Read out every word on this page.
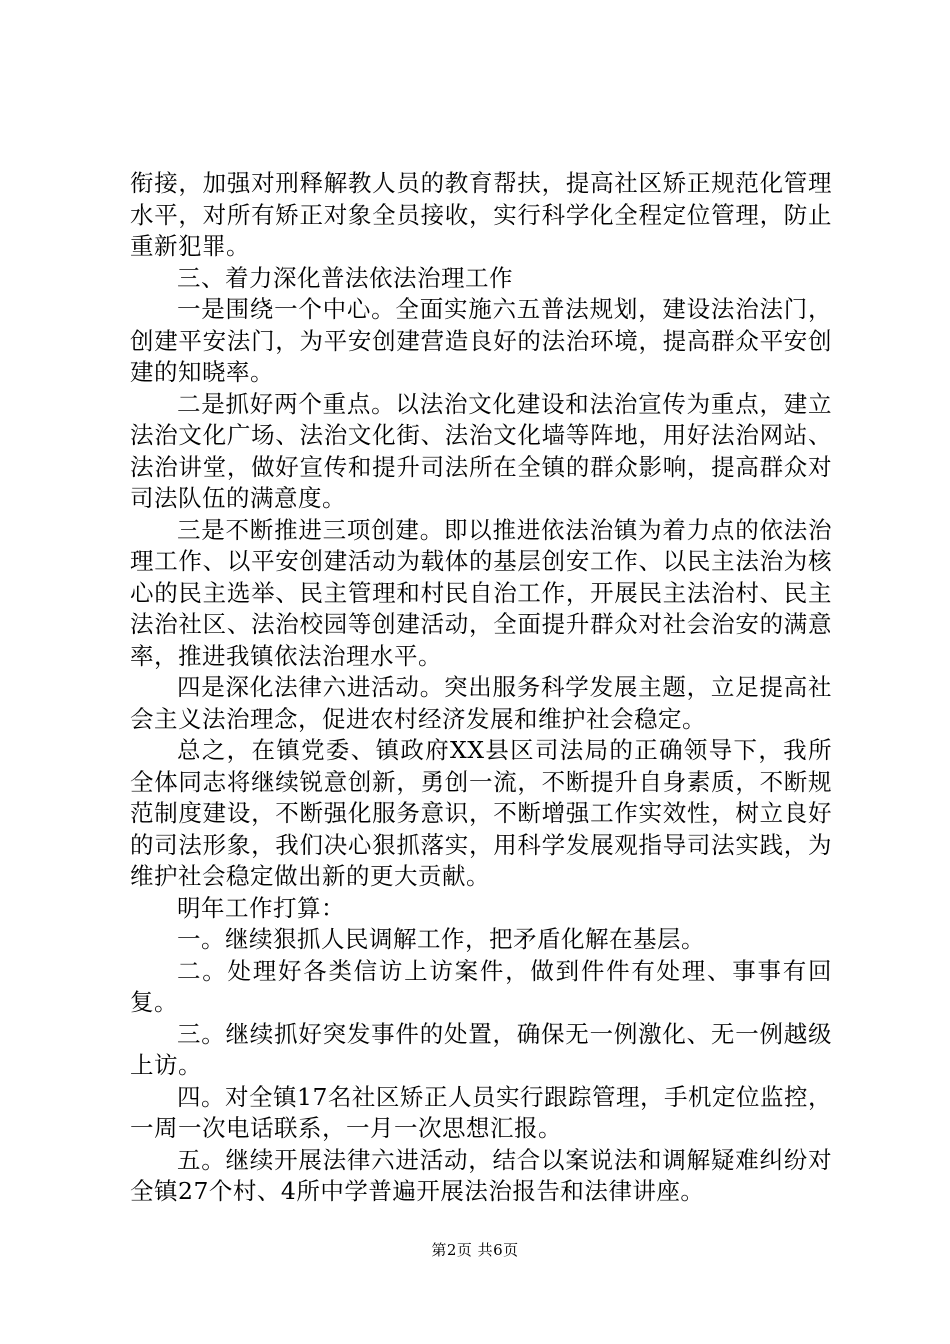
衔接，加强对刑释解教人员的教育帮扶，提高社区矫正规范化管理水平，对所有矫正对象全员接收，实行科学化全程定位管理，防止重新犯罪。

三、着力深化普法依法治理工作

一是围绕一个中心。全面实施六五普法规划，建设法治法门，创建平安法门，为平安创建营造良好的法治环境，提高群众平安创建的知晓率。

二是抓好两个重点。以法治文化建设和法治宣传为重点，建立法治文化广场、法治文化街、法治文化墙等阵地，用好法治网站、法治讲堂，做好宣传和提升司法所在全镇的群众影响，提高群众对司法队伍的满意度。

三是不断推进三项创建。即以推进依法治镇为着力点的依法治理工作、以平安创建活动为载体的基层创安工作、以民主法治为核心的民主选举、民主管理和村民自治工作，开展民主法治村、民主法治社区、法治校园等创建活动，全面提升群众对社会治安的满意率，推进我镇依法治理水平。

四是深化法律六进活动。突出服务科学发展主题，立足提高社会主义法治理念，促进农村经济发展和维护社会稳定。

总之，在镇党委、镇政府XX县区司法局的正确领导下，我所全体同志将继续锐意创新，勇创一流，不断提升自身素质，不断规范制度建设，不断强化服务意识，不断增强工作实效性，树立良好的司法形象，我们决心狠抓落实，用科学发展观指导司法实践，为维护社会稳定做出新的更大贡献。

明年工作打算：

一。继续狠抓人民调解工作，把矛盾化解在基层。

二。处理好各类信访上访案件，做到件件有处理、事事有回复。

三。继续抓好突发事件的处置，确保无一例激化、无一例越级上访。

四。对全镇17名社区矫正人员实行跟踪管理，手机定位监控，一周一次电话联系，一月一次思想汇报。

五。继续开展法律六进活动，结合以案说法和调解疑难纠纷对全镇27个村、4所中学普遍开展法治报告和法律讲座。

第2页 共6页
